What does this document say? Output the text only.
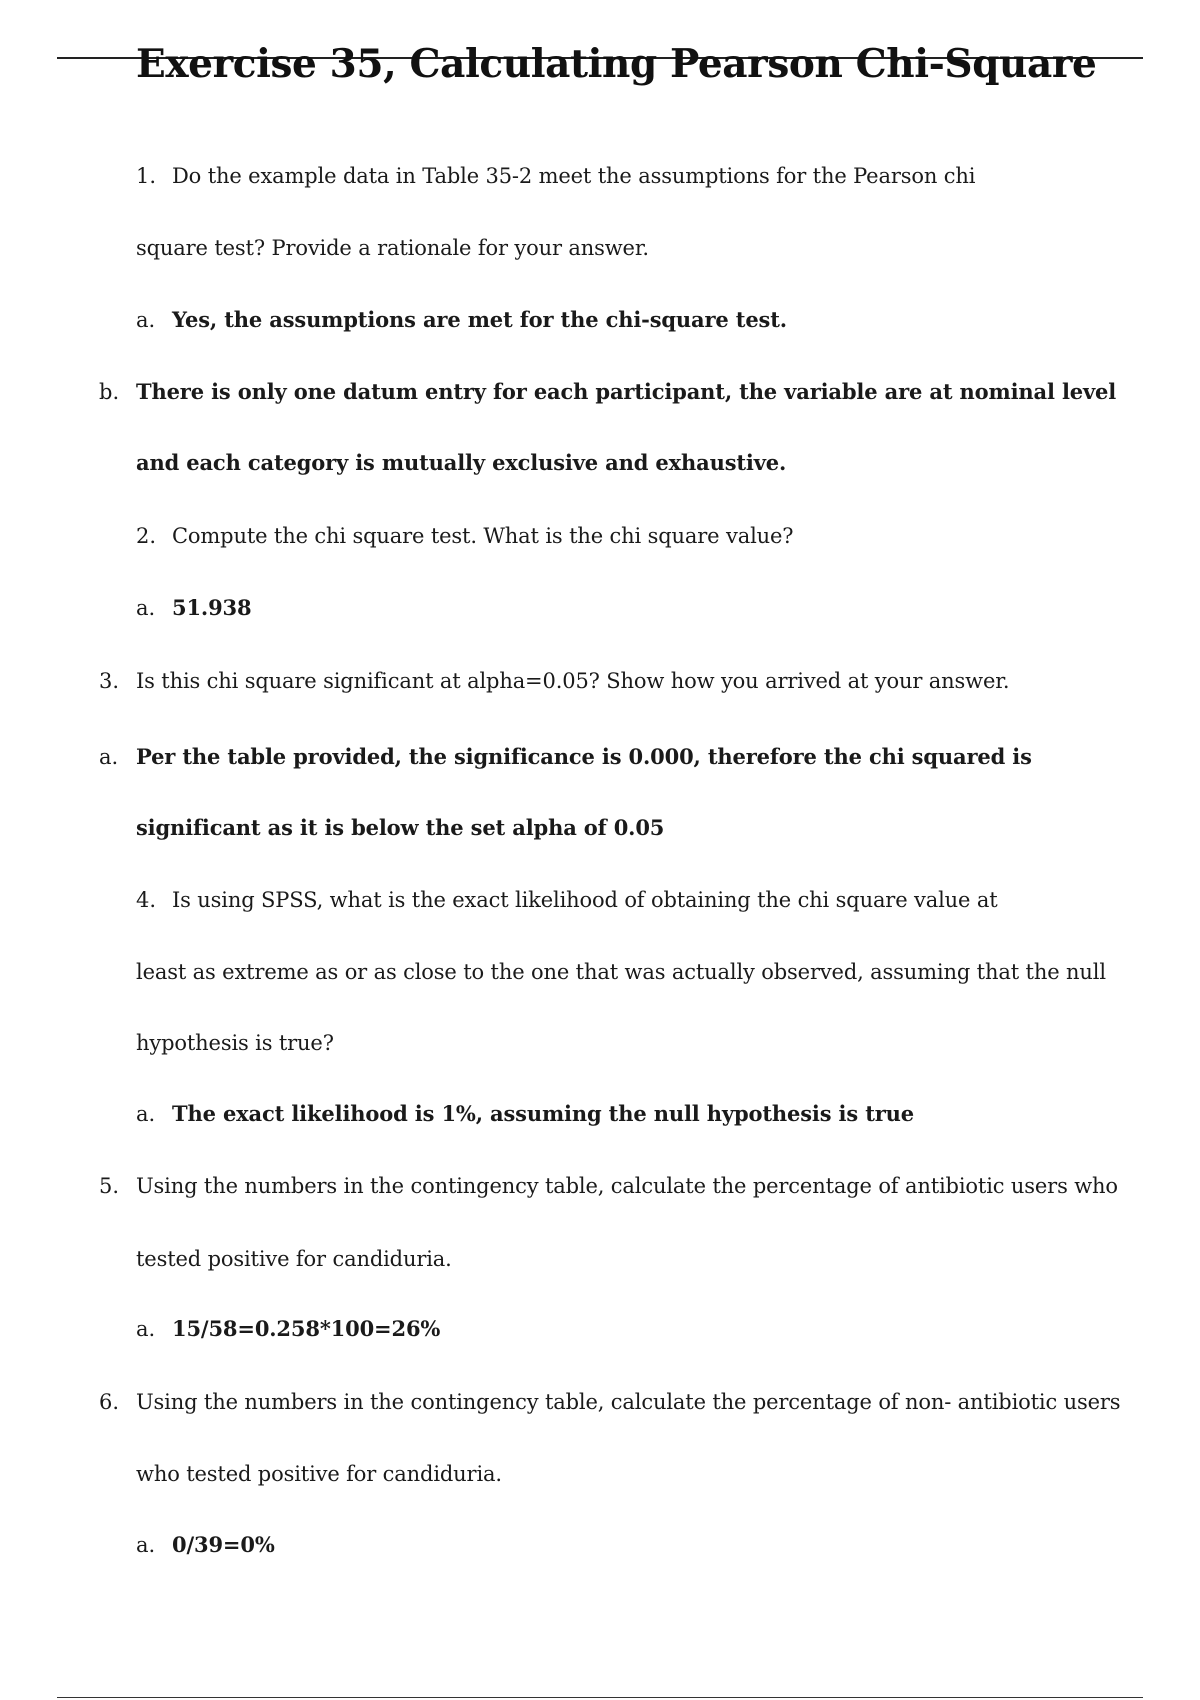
Exercise 35, Calculating Pearson Chi-Square
1. Do the example data in Table 35-2 meet the assumptions for the Pearson chi
square test? Provide a rationale for your answer.
a. Yes, the assumptions are met for the chi-square test.
b. There is only one datum entry for each participant, the variable are at nominal level
and each category is mutually exclusive and exhaustive.
2. Compute the chi square test. What is the chi square value?
a. 51.938
3. Is this chi square significant at alpha=0.05? Show how you arrived at your answer.
a. Per the table provided, the significance is 0.000, therefore the chi squared is
significant as it is below the set alpha of 0.05
4. Is using SPSS, what is the exact likelihood of obtaining the chi square value at
least as extreme as or as close to the one that was actually observed, assuming that the null
hypothesis is true?
a. The exact likelihood is 1%, assuming the null hypothesis is true
5. Using the numbers in the contingency table, calculate the percentage of antibiotic users who
tested positive for candiduria.
a. 15/58=0.258*100=26%
6. Using the numbers in the contingency table, calculate the percentage of non- antibiotic users
who tested positive for candiduria.
a. 0/39=0%
